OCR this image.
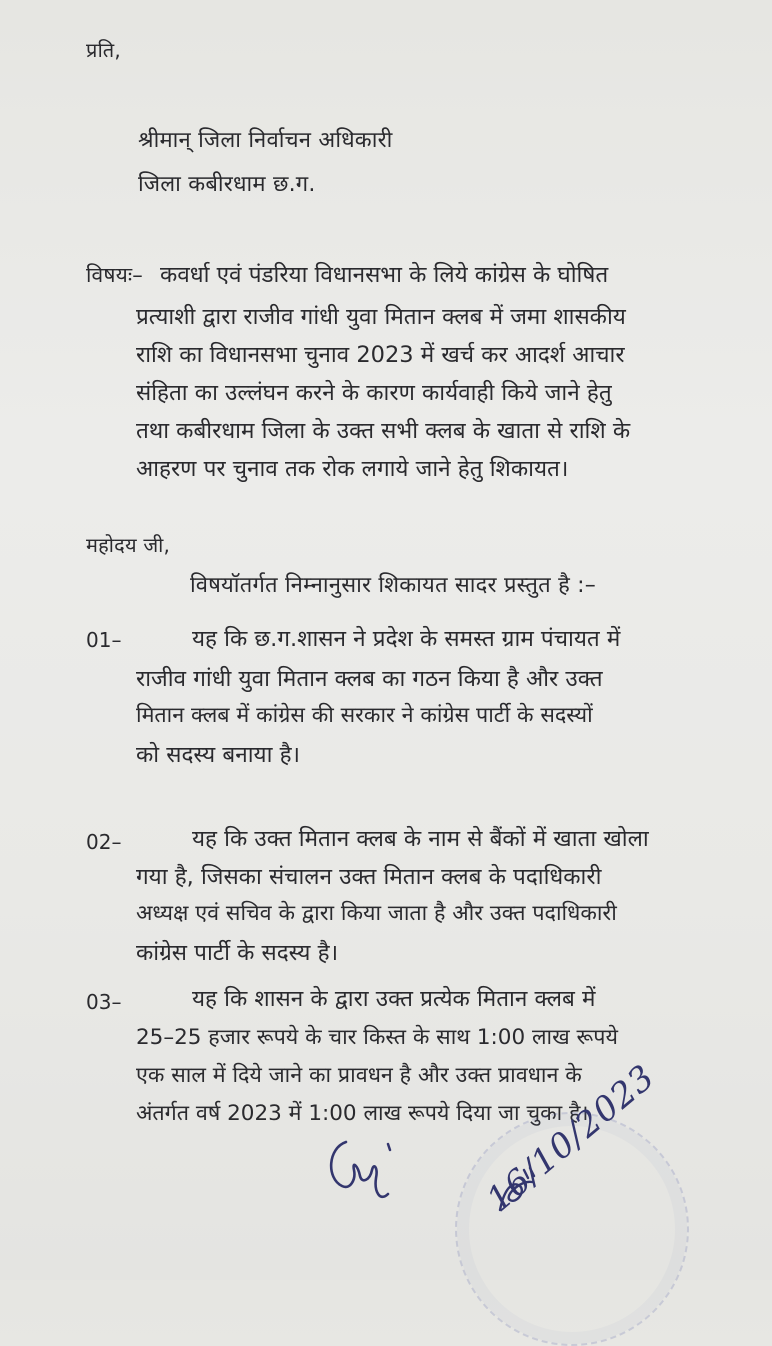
प्रति,
श्रीमान् जिला निर्वाचन अधिकारी
जिला कबीरधाम छ.ग.
विषयः– कवर्धा एवं पंडरिया विधानसभा के लिये कांग्रेस के घोषित
प्रत्याशी द्वारा राजीव गांधी युवा मितान क्लब में जमा शासकीय
राशि का विधानसभा चुनाव 2023 में खर्च कर आदर्श आचार
संहिता का उल्लंघन करने के कारण कार्यवाही किये जाने हेतु
तथा कबीरधाम जिला के उक्त सभी क्लब के खाता से राशि के
आहरण पर चुनाव तक रोक लगाये जाने हेतु शिकायत।
महोदय जी,
विषयॉतर्गत निम्नानुसार शिकायत सादर प्रस्तुत है :–
01–	यह कि छ.ग.शासन ने प्रदेश के समस्त ग्राम पंचायत में
राजीव गांधी युवा मितान क्लब का गठन किया है और उक्त
मितान क्लब में कांग्रेस की सरकार ने कांग्रेस पार्टी के सदस्यों
को सदस्य बनाया है।
02–	यह कि उक्त मितान क्लब के नाम से बैंकों में खाता खोला
गया है, जिसका संचालन उक्त मितान क्लब के पदाधिकारी
अध्यक्ष एवं सचिव के द्वारा किया जाता है और उक्त पदाधिकारी
कांग्रेस पार्टी के सदस्य है।
03–	यह कि शासन के द्वारा उक्त प्रत्येक मितान क्लब में
25–25 हजार रूपये के चार किस्त के साथ 1:00 लाख रूपये
एक साल में दिये जाने का प्रावधन है और उक्त प्रावधान के
अंतर्गत वर्ष 2023 में 1:00 लाख रूपये दिया जा चुका है।
16/10/2023
